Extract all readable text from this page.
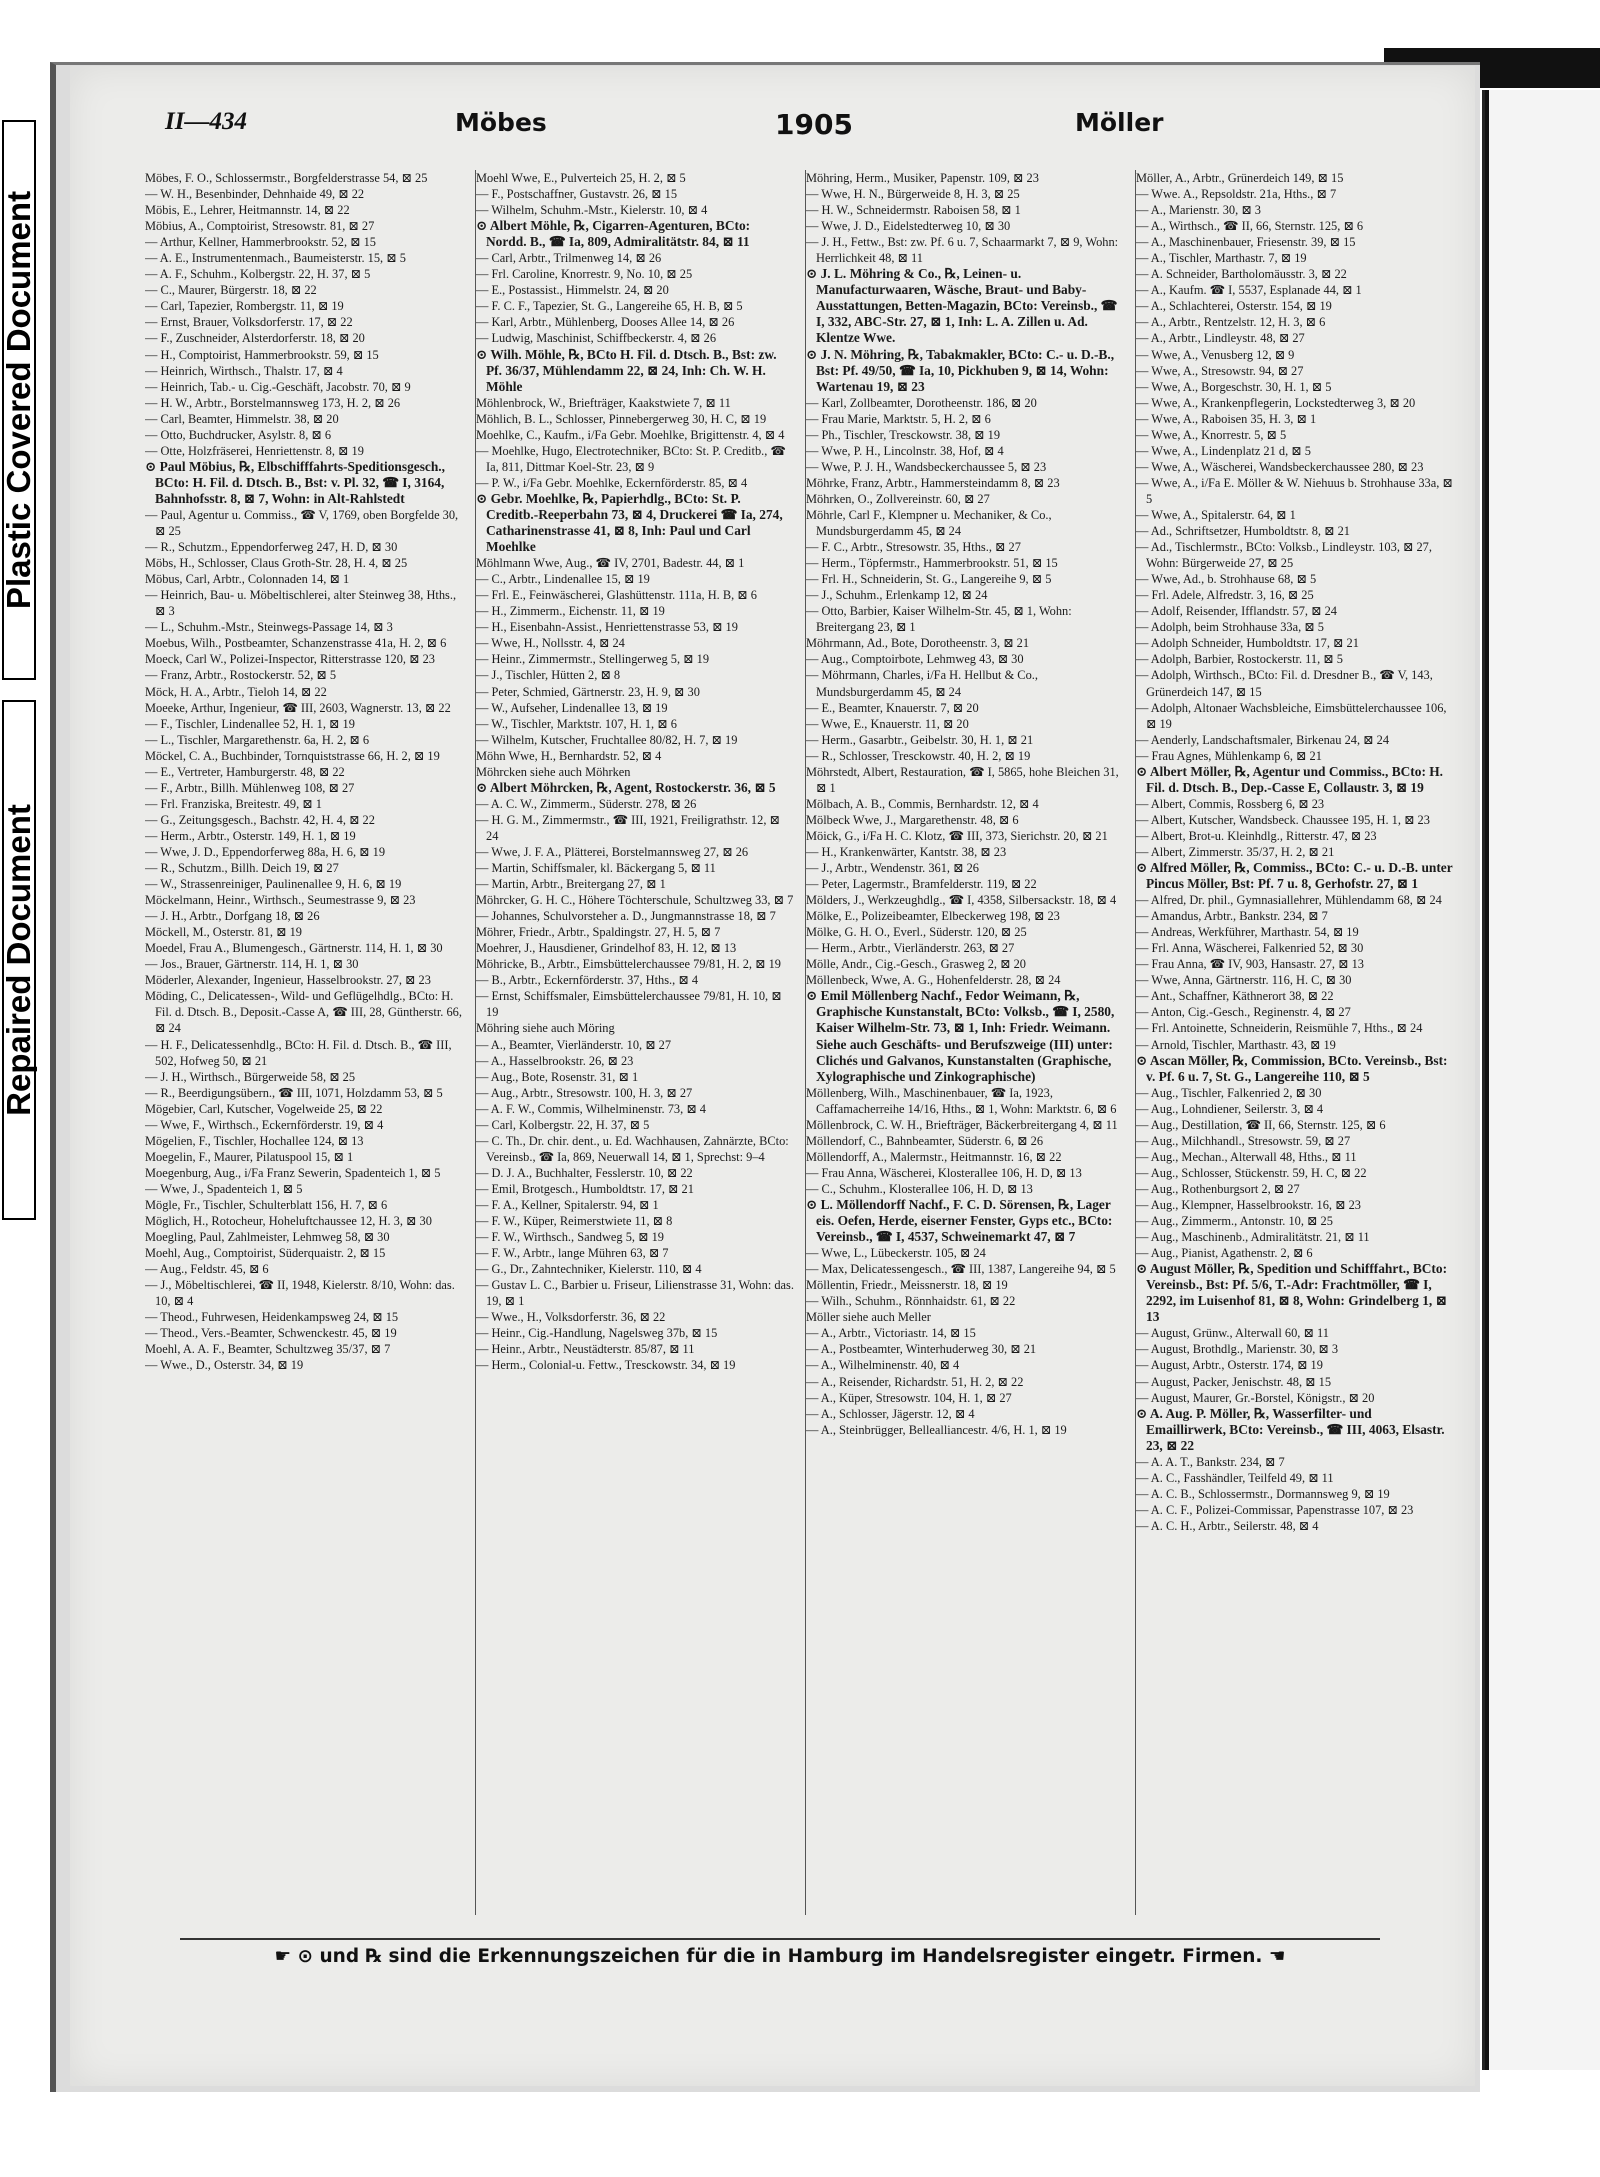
Plastic Covered Document
Repaired Document
II—434	Möbes	1905	Möller

Möbes, F. O., Schlossermstr., Borgfelderstrasse 54, ⊠ 25

— W. H., Besenbinder, Dehnhaide 49, ⊠ 22

Möbis, E., Lehrer, Heitmannstr. 14, ⊠ 22

Möbius, A., Comptoirist, Stresowstr. 81, ⊠ 27

— Arthur, Kellner, Hammerbrookstr. 52, ⊠ 15

— A. E., Instrumentenmach., Baumeisterstr. 15, ⊠ 5

— A. F., Schuhm., Kolbergstr. 22, H. 37, ⊠ 5

— C., Maurer, Bürgerstr. 18, ⊠ 22

— Carl, Tapezier, Rombergstr. 11, ⊠ 19

— Ernst, Brauer, Volksdorferstr. 17, ⊠ 22

— F., Zuschneider, Alsterdorferstr. 18, ⊠ 20

— H., Comptoirist, Hammerbrookstr. 59, ⊠ 15

— Heinrich, Wirthsch., Thalstr. 17, ⊠ 4

— Heinrich, Tab.- u. Cig.-Geschäft, Jacobstr. 70, ⊠ 9

— H. W., Arbtr., Borstelmannsweg 173, H. 2, ⊠ 26

— Carl, Beamter, Himmelstr. 38, ⊠ 20

— Otto, Buchdrucker, Asylstr. 8, ⊠ 6

— Otte, Holzfräserei, Henriettenstr. 8, ⊠ 19

⊙ Paul Möbius, ℞, Elbschifffahrts-Speditionsgesch., BCto: H. Fil. d. Dtsch. B., Bst: v. Pl. 32, ☎ I, 3164, Bahnhofsstr. 8, ⊠ 7, Wohn: in Alt-Rahlstedt

— Paul, Agentur u. Commiss., ☎ V, 1769, oben Borgfelde 30, ⊠ 25

— R., Schutzm., Eppendorferweg 247, H. D, ⊠ 30

Möbs, H., Schlosser, Claus Groth-Str. 28, H. 4, ⊠ 25

Möbus, Carl, Arbtr., Colonnaden 14, ⊠ 1

— Heinrich, Bau- u. Möbeltischlerei, alter Steinweg 38, Hths., ⊠ 3

— L., Schuhm.-Mstr., Steinwegs-Passage 14, ⊠ 3

Moebus, Wilh., Postbeamter, Schanzenstrasse 41a, H. 2, ⊠ 6

Moeck, Carl W., Polizei-Inspector, Ritterstrasse 120, ⊠ 23

— Franz, Arbtr., Rostockerstr. 52, ⊠ 5

Möck, H. A., Arbtr., Tieloh 14, ⊠ 22

Moeeke, Arthur, Ingenieur, ☎ III, 2603, Wagnerstr. 13, ⊠ 22

— F., Tischler, Lindenallee 52, H. 1, ⊠ 19

— L., Tischler, Margarethenstr. 6a, H. 2, ⊠ 6

Möckel, C. A., Buchbinder, Tornquiststrasse 66, H. 2, ⊠ 19

— E., Vertreter, Hamburgerstr. 48, ⊠ 22

— F., Arbtr., Billh. Mühlenweg 108, ⊠ 27

— Frl. Franziska, Breitestr. 49, ⊠ 1

— G., Zeitungsgesch., Bachstr. 42, H. 4, ⊠ 22

— Herm., Arbtr., Osterstr. 149, H. 1, ⊠ 19

— Wwe, J. D., Eppendorferweg 88a, H. 6, ⊠ 19

— R., Schutzm., Billh. Deich 19, ⊠ 27

— W., Strassenreiniger, Paulinenallee 9, H. 6, ⊠ 19

Möckelmann, Heinr., Wirthsch., Seumestrasse 9, ⊠ 23

— J. H., Arbtr., Dorfgang 18, ⊠ 26

Möckell, M., Osterstr. 81, ⊠ 19

Moedel, Frau A., Blumengesch., Gärtnerstr. 114, H. 1, ⊠ 30

— Jos., Brauer, Gärtnerstr. 114, H. 1, ⊠ 30

Möderler, Alexander, Ingenieur, Hasselbrookstr. 27, ⊠ 23

Möding, C., Delicatessen-, Wild- und Geflügelhdlg., BCto: H. Fil. d. Dtsch. B., Deposit.-Casse A, ☎ III, 28, Güntherstr. 66, ⊠ 24

— H. F., Delicatessenhdlg., BCto: H. Fil. d. Dtsch. B., ☎ III, 502, Hofweg 50, ⊠ 21

— J. H., Wirthsch., Bürgerweide 58, ⊠ 25

— R., Beerdigungsübern., ☎ III, 1071, Holzdamm 53, ⊠ 5

Mögebier, Carl, Kutscher, Vogelweide 25, ⊠ 22

— Wwe, F., Wirthsch., Eckernförderstr. 19, ⊠ 4

Mögelien, F., Tischler, Hochallee 124, ⊠ 13

Moegelin, F., Maurer, Pilatuspool 15, ⊠ 1

Moegenburg, Aug., i/Fa Franz Sewerin, Spadenteich 1, ⊠ 5

— Wwe, J., Spadenteich 1, ⊠ 5

Mögle, Fr., Tischler, Schulterblatt 156, H. 7, ⊠ 6

Möglich, H., Rotocheur, Hoheluftchaussee 12, H. 3, ⊠ 30

Moegling, Paul, Zahlmeister, Lehmweg 58, ⊠ 30

Moehl, Aug., Comptoirist, Süderquaistr. 2, ⊠ 15

— Aug., Feldstr. 45, ⊠ 6

— J., Möbeltischlerei, ☎ II, 1948, Kielerstr. 8/10, Wohn: das. 10, ⊠ 4

— Theod., Fuhrwesen, Heidenkampsweg 24, ⊠ 15

— Theod., Vers.-Beamter, Schwenckestr. 45, ⊠ 19

Moehl, A. A. F., Beamter, Schultzweg 35/37, ⊠ 7

— Wwe., D., Osterstr. 34, ⊠ 19

Moehl Wwe, E., Pulverteich 25, H. 2, ⊠ 5

— F., Postschaffner, Gustavstr. 26, ⊠ 15

— Wilhelm, Schuhm.-Mstr., Kielerstr. 10, ⊠ 4

⊙ Albert Möhle, ℞, Cigarren-Agenturen, BCto: Nordd. B., ☎ Ia, 809, Admiralitätstr. 84, ⊠ 11

— Carl, Arbtr., Trilmenweg 14, ⊠ 26

— Frl. Caroline, Knorrestr. 9, No. 10, ⊠ 25

— E., Postassist., Himmelstr. 24, ⊠ 20

— F. C. F., Tapezier, St. G., Langereihe 65, H. B, ⊠ 5

— Karl, Arbtr., Mühlenberg, Dooses Allee 14, ⊠ 26

— Ludwig, Maschinist, Schiffbeckerstr. 4, ⊠ 26

⊙ Wilh. Möhle, ℞, BCto H. Fil. d. Dtsch. B., Bst: zw. Pf. 36/37, Mühlendamm 22, ⊠ 24, Inh: Ch. W. H. Möhle

Möhlenbrock, W., Briefträger, Kaakstwiete 7, ⊠ 11

Möhlich, B. L., Schlosser, Pinnebergerweg 30, H. C, ⊠ 19

Moehlke, C., Kaufm., i/Fa Gebr. Moehlke, Brigittenstr. 4, ⊠ 4

— Moehlke, Hugo, Electrotechniker, BCto: St. P. Creditb., ☎ Ia, 811, Dittmar Koel-Str. 23, ⊠ 9

— P. W., i/Fa Gebr. Moehlke, Eckernförderstr. 85, ⊠ 4

⊙ Gebr. Moehlke, ℞, Papierhdlg., BCto: St. P. Creditb.-Reeperbahn 73, ⊠ 4, Druckerei ☎ Ia, 274, Catharinenstrasse 41, ⊠ 8, Inh: Paul und Carl Moehlke

Möhlmann Wwe, Aug., ☎ IV, 2701, Badestr. 44, ⊠ 1

— C., Arbtr., Lindenallee 15, ⊠ 19

— Frl. E., Feinwäscherei, Glashüttenstr. 111a, H. B, ⊠ 6

— H., Zimmerm., Eichenstr. 11, ⊠ 19

— H., Eisenbahn-Assist., Henriettenstrasse 53, ⊠ 19

— Wwe, H., Nollsstr. 4, ⊠ 24

— Heinr., Zimmermstr., Stellingerweg 5, ⊠ 19

— J., Tischler, Hütten 2, ⊠ 8

— Peter, Schmied, Gärtnerstr. 23, H. 9, ⊠ 30

— W., Aufseher, Lindenallee 13, ⊠ 19

— W., Tischler, Marktstr. 107, H. 1, ⊠ 6

— Wilhelm, Kutscher, Fruchtallee 80/82, H. 7, ⊠ 19

Möhn Wwe, H., Bernhardstr. 52, ⊠ 4

Möhrcken siehe auch Möhrken

⊙ Albert Möhrcken, ℞, Agent, Rostockerstr. 36, ⊠ 5

— A. C. W., Zimmerm., Süderstr. 278, ⊠ 26

— H. G. M., Zimmermstr., ☎ III, 1921, Freiligrathstr. 12, ⊠ 24

— Wwe, J. F. A., Plätterei, Borstelmannsweg 27, ⊠ 26

— Martin, Schiffsmaler, kl. Bäckergang 5, ⊠ 11

— Martin, Arbtr., Breitergang 27, ⊠ 1

Möhrcker, G. H. C., Höhere Töchterschule, Schultzweg 33, ⊠ 7

— Johannes, Schulvorsteher a. D., Jungmannstrasse 18, ⊠ 7

Möhrer, Friedr., Arbtr., Spaldingstr. 27, H. 5, ⊠ 7

Moehrer, J., Hausdiener, Grindelhof 83, H. 12, ⊠ 13

Möhricke, B., Arbtr., Eimsbüttelerchaussee 79/81, H. 2, ⊠ 19

— B., Arbtr., Eckernförderstr. 37, Hths., ⊠ 4

— Ernst, Schiffsmaler, Eimsbüttelerchaussee 79/81, H. 10, ⊠ 19

Möhring siehe auch Möring

— A., Beamter, Vierländerstr. 10, ⊠ 27

— A., Hasselbrookstr. 26, ⊠ 23

— Aug., Bote, Rosenstr. 31, ⊠ 1

— Aug., Arbtr., Stresowstr. 100, H. 3, ⊠ 27

— A. F. W., Commis, Wilhelminenstr. 73, ⊠ 4

— Carl, Kolbergstr. 22, H. 37, ⊠ 5

— C. Th., Dr. chir. dent., u. Ed. Wachhausen, Zahnärzte, BCto: Vereinsb., ☎ Ia, 869, Neuerwall 14, ⊠ 1, Sprechst: 9–4

— D. J. A., Buchhalter, Fesslerstr. 10, ⊠ 22

— Emil, Brotgesch., Humboldtstr. 17, ⊠ 21

— F. A., Kellner, Spitalerstr. 94, ⊠ 1

— F. W., Küper, Reimerstwiete 11, ⊠ 8

— F. W., Wirthsch., Sandweg 5, ⊠ 19

— F. W., Arbtr., lange Mühren 63, ⊠ 7

— G., Dr., Zahntechniker, Kielerstr. 110, ⊠ 4

— Gustav L. C., Barbier u. Friseur, Lilienstrasse 31, Wohn: das. 19, ⊠ 1

— Wwe., H., Volksdorferstr. 36, ⊠ 22

— Heinr., Cig.-Handlung, Nagelsweg 37b, ⊠ 15

— Heinr., Arbtr., Neustädterstr. 85/87, ⊠ 11

— Herm., Colonial-u. Fettw., Tresckowstr. 34, ⊠ 19

Möhring, Herm., Musiker, Papenstr. 109, ⊠ 23

— Wwe, H. N., Bürgerweide 8, H. 3, ⊠ 25

— H. W., Schneidermstr. Raboisen 58, ⊠ 1

— Wwe, J. D., Eidelstedterweg 10, ⊠ 30

— J. H., Fettw., Bst: zw. Pf. 6 u. 7, Schaarmarkt 7, ⊠ 9, Wohn: Herrlichkeit 48, ⊠ 11

⊙ J. L. Möhring & Co., ℞, Leinen- u. Manufacturwaaren, Wäsche, Braut- und Baby-Ausstattungen, Betten-Magazin, BCto: Vereinsb., ☎ I, 332, ABC-Str. 27, ⊠ 1, Inh: L. A. Zillen u. Ad. Klentze Wwe.

⊙ J. N. Möhring, ℞, Tabakmakler, BCto: C.- u. D.-B., Bst: Pf. 49/50, ☎ Ia, 10, Pickhuben 9, ⊠ 14, Wohn: Wartenau 19, ⊠ 23

— Karl, Zollbeamter, Dorotheenstr. 186, ⊠ 20

— Frau Marie, Marktstr. 5, H. 2, ⊠ 6

— Ph., Tischler, Tresckowstr. 38, ⊠ 19

— Wwe, P. H., Lincolnstr. 38, Hof, ⊠ 4

— Wwe, P. J. H., Wandsbeckerchaussee 5, ⊠ 23

Möhrke, Franz, Arbtr., Hammersteindamm 8, ⊠ 23

Möhrken, O., Zollvereinstr. 60, ⊠ 27

Möhrle, Carl F., Klempner u. Mechaniker, & Co., Mundsburgerdamm 45, ⊠ 24

— F. C., Arbtr., Stresowstr. 35, Hths., ⊠ 27

— Herm., Töpfermstr., Hammerbrookstr. 51, ⊠ 15

— Frl. H., Schneiderin, St. G., Langereihe 9, ⊠ 5

— J., Schuhm., Erlenkamp 12, ⊠ 24

— Otto, Barbier, Kaiser Wilhelm-Str. 45, ⊠ 1, Wohn: Breitergang 23, ⊠ 1

Möhrmann, Ad., Bote, Dorotheenstr. 3, ⊠ 21

— Aug., Comptoirbote, Lehmweg 43, ⊠ 30

— Möhrmann, Charles, i/Fa H. Hellbut & Co., Mundsburgerdamm 45, ⊠ 24

— E., Beamter, Knauerstr. 7, ⊠ 20

— Wwe, E., Knauerstr. 11, ⊠ 20

— Herm., Gasarbtr., Geibelstr. 30, H. 1, ⊠ 21

— R., Schlosser, Tresckowstr. 40, H. 2, ⊠ 19

Möhrstedt, Albert, Restauration, ☎ I, 5865, hohe Bleichen 31, ⊠ 1

Mölbach, A. B., Commis, Bernhardstr. 12, ⊠ 4

Mölbeck Wwe, J., Margarethenstr. 48, ⊠ 6

Möick, G., i/Fa H. C. Klotz, ☎ III, 373, Sierichstr. 20, ⊠ 21

— H., Krankenwärter, Kantstr. 38, ⊠ 23

— J., Arbtr., Wendenstr. 361, ⊠ 26

— Peter, Lagermstr., Bramfelderstr. 119, ⊠ 22

Mölders, J., Werkzeughdlg., ☎ I, 4358, Silbersackstr. 18, ⊠ 4

Mölke, E., Polizeibeamter, Elbeckerweg 198, ⊠ 23

Mölke, G. H. O., Everl., Süderstr. 120, ⊠ 25

— Herm., Arbtr., Vierländerstr. 263, ⊠ 27

Mölle, Andr., Cig.-Gesch., Grasweg 2, ⊠ 20

Möllenbeck, Wwe, A. G., Hohenfelderstr. 28, ⊠ 24

⊙ Emil Möllenberg Nachf., Fedor Weimann, ℞, Graphische Kunstanstalt, BCto: Volksb., ☎ I, 2580, Kaiser Wilhelm-Str. 73, ⊠ 1, Inh: Friedr. Weimann. Siehe auch Geschäfts- und Berufszweige (III) unter: Clichés und Galvanos, Kunstanstalten (Graphische, Xylographische und Zinkographische)

Möllenberg, Wilh., Maschinenbauer, ☎ Ia, 1923, Caffamacherreihe 14/16, Hths., ⊠ 1, Wohn: Marktstr. 6, ⊠ 6

Möllenbrock, C. W. H., Briefträger, Bäckerbreitergang 4, ⊠ 11

Möllendorf, C., Bahnbeamter, Süderstr. 6, ⊠ 26

Möllendorff, A., Malermstr., Heitmannstr. 16, ⊠ 22

— Frau Anna, Wäscherei, Klosterallee 106, H. D, ⊠ 13

— C., Schuhm., Klosterallee 106, H. D, ⊠ 13

⊙ L. Möllendorff Nachf., F. C. D. Sörensen, ℞, Lager eis. Oefen, Herde, eiserner Fenster, Gyps etc., BCto: Vereinsb., ☎ I, 4537, Schweinemarkt 47, ⊠ 7

— Wwe, L., Lübeckerstr. 105, ⊠ 24

— Max, Delicatessengesch., ☎ III, 1387, Langereihe 94, ⊠ 5

Möllentin, Friedr., Meissnerstr. 18, ⊠ 19

— Wilh., Schuhm., Rönnhaidstr. 61, ⊠ 22

Möller siehe auch Meller

— A., Arbtr., Victoriastr. 14, ⊠ 15

— A., Postbeamter, Winterhuderweg 30, ⊠ 21

— A., Wilhelminenstr. 40, ⊠ 4

— A., Reisender, Richardstr. 51, H. 2, ⊠ 22

— A., Küper, Stresowstr. 104, H. 1, ⊠ 27

— A., Schlosser, Jägerstr. 12, ⊠ 4

— A., Steinbrügger, Bellealliancestr. 4/6, H. 1, ⊠ 19

Möller, A., Arbtr., Grünerdeich 149, ⊠ 15

— Wwe. A., Repsoldstr. 21a, Hths., ⊠ 7

— A., Marienstr. 30, ⊠ 3

— A., Wirthsch., ☎ II, 66, Sternstr. 125, ⊠ 6

— A., Maschinenbauer, Friesenstr. 39, ⊠ 15

— A., Tischler, Marthastr. 7, ⊠ 19

— A. Schneider, Bartholomäusstr. 3, ⊠ 22

— A., Kaufm. ☎ I, 5537, Esplanade 44, ⊠ 1

— A., Schlachterei, Osterstr. 154, ⊠ 19

— A., Arbtr., Rentzelstr. 12, H. 3, ⊠ 6

— A., Arbtr., Lindleystr. 48, ⊠ 27

— Wwe, A., Venusberg 12, ⊠ 9

— Wwe, A., Stresowstr. 94, ⊠ 27

— Wwe, A., Borgeschstr. 30, H. 1, ⊠ 5

— Wwe, A., Krankenpflegerin, Lockstedterweg 3, ⊠ 20

— Wwe, A., Raboisen 35, H. 3, ⊠ 1

— Wwe, A., Knorrestr. 5, ⊠ 5

— Wwe, A., Lindenplatz 21 d, ⊠ 5

— Wwe, A., Wäscherei, Wandsbeckerchaussee 280, ⊠ 23

— Wwe, A., i/Fa E. Möller & W. Niehuus b. Strohhause 33a, ⊠ 5

— Wwe, A., Spitalerstr. 64, ⊠ 1

— Ad., Schriftsetzer, Humboldtstr. 8, ⊠ 21

— Ad., Tischlermstr., BCto: Volksb., Lindleystr. 103, ⊠ 27, Wohn: Bürgerweide 27, ⊠ 25

— Wwe, Ad., b. Strohhause 68, ⊠ 5

— Frl. Adele, Alfredstr. 3, 16, ⊠ 25

— Adolf, Reisender, Ifflandstr. 57, ⊠ 24

— Adolph, beim Strohhause 33a, ⊠ 5

— Adolph Schneider, Humboldtstr. 17, ⊠ 21

— Adolph, Barbier, Rostockerstr. 11, ⊠ 5

— Adolph, Wirthsch., BCto: Fil. d. Dresdner B., ☎ V, 143, Grünerdeich 147, ⊠ 15

— Adolph, Altonaer Wachsbleiche, Eimsbüttelerchaussee 106, ⊠ 19

— Aenderly, Landschaftsmaler, Birkenau 24, ⊠ 24

— Frau Agnes, Mühlenkamp 6, ⊠ 21

⊙ Albert Möller, ℞, Agentur und Commiss., BCto: H. Fil. d. Dtsch. B., Dep.-Casse E, Collaustr. 3, ⊠ 19

— Albert, Commis, Rossberg 6, ⊠ 23

— Albert, Kutscher, Wandsbeck. Chaussee 195, H. 1, ⊠ 23

— Albert, Brot-u. Kleinhdlg., Ritterstr. 47, ⊠ 23

— Albert, Zimmerstr. 35/37, H. 2, ⊠ 21

⊙ Alfred Möller, ℞, Commiss., BCto: C.- u. D.-B. unter Pincus Möller, Bst: Pf. 7 u. 8, Gerhofstr. 27, ⊠ 1

— Alfred, Dr. phil., Gymnasiallehrer, Mühlendamm 68, ⊠ 24

— Amandus, Arbtr., Bankstr. 234, ⊠ 7

— Andreas, Werkführer, Marthastr. 54, ⊠ 19

— Frl. Anna, Wäscherei, Falkenried 52, ⊠ 30

— Frau Anna, ☎ IV, 903, Hansastr. 27, ⊠ 13

— Wwe, Anna, Gärtnerstr. 116, H. C, ⊠ 30

— Ant., Schaffner, Käthnerort 38, ⊠ 22

— Anton, Cig.-Gesch., Reginenstr. 4, ⊠ 27

— Frl. Antoinette, Schneiderin, Reismühle 7, Hths., ⊠ 24

— Arnold, Tischler, Marthastr. 43, ⊠ 19

⊙ Ascan Möller, ℞, Commission, BCto. Vereinsb., Bst: v. Pf. 6 u. 7, St. G., Langereihe 110, ⊠ 5

— Aug., Tischler, Falkenried 2, ⊠ 30

— Aug., Lohndiener, Seilerstr. 3, ⊠ 4

— Aug., Destillation, ☎ II, 66, Sternstr. 125, ⊠ 6

— Aug., Milchhandl., Stresowstr. 59, ⊠ 27

— Aug., Mechan., Alterwall 48, Hths., ⊠ 11

— Aug., Schlosser, Stückenstr. 59, H. C, ⊠ 22

— Aug., Rothenburgsort 2, ⊠ 27

— Aug., Klempner, Hasselbrookstr. 16, ⊠ 23

— Aug., Zimmerm., Antonstr. 10, ⊠ 25

— Aug., Maschinenb., Admiralitätstr. 21, ⊠ 11

— Aug., Pianist, Agathenstr. 2, ⊠ 6

⊙ August Möller, ℞, Spedition und Schifffahrt., BCto: Vereinsb., Bst: Pf. 5/6, T.-Adr: Frachtmöller, ☎ I, 2292, im Luisenhof 81, ⊠ 8, Wohn: Grindelberg 1, ⊠ 13

— August, Grünw., Alterwall 60, ⊠ 11

— August, Brothdlg., Marienstr. 30, ⊠ 3

— August, Arbtr., Osterstr. 174, ⊠ 19

— August, Packer, Jenischstr. 48, ⊠ 15

— August, Maurer, Gr.-Borstel, Königstr., ⊠ 20

⊙ A. Aug. P. Möller, ℞, Wasserfilter- und Emaillirwerk, BCto: Vereinsb., ☎ III, 4063, Elsastr. 23, ⊠ 22

— A. A. T., Bankstr. 234, ⊠ 7

— A. C., Fasshändler, Teilfeld 49, ⊠ 11

— A. C. B., Schlossermstr., Dormannsweg 9, ⊠ 19

— A. C. F., Polizei-Commissar, Papenstrasse 107, ⊠ 23

— A. C. H., Arbtr., Seilerstr. 48, ⊠ 4

☛ ⊙ und ℞ sind die Erkennungszeichen für die in Hamburg im Handelsregister eingetr. Firmen. ☚
